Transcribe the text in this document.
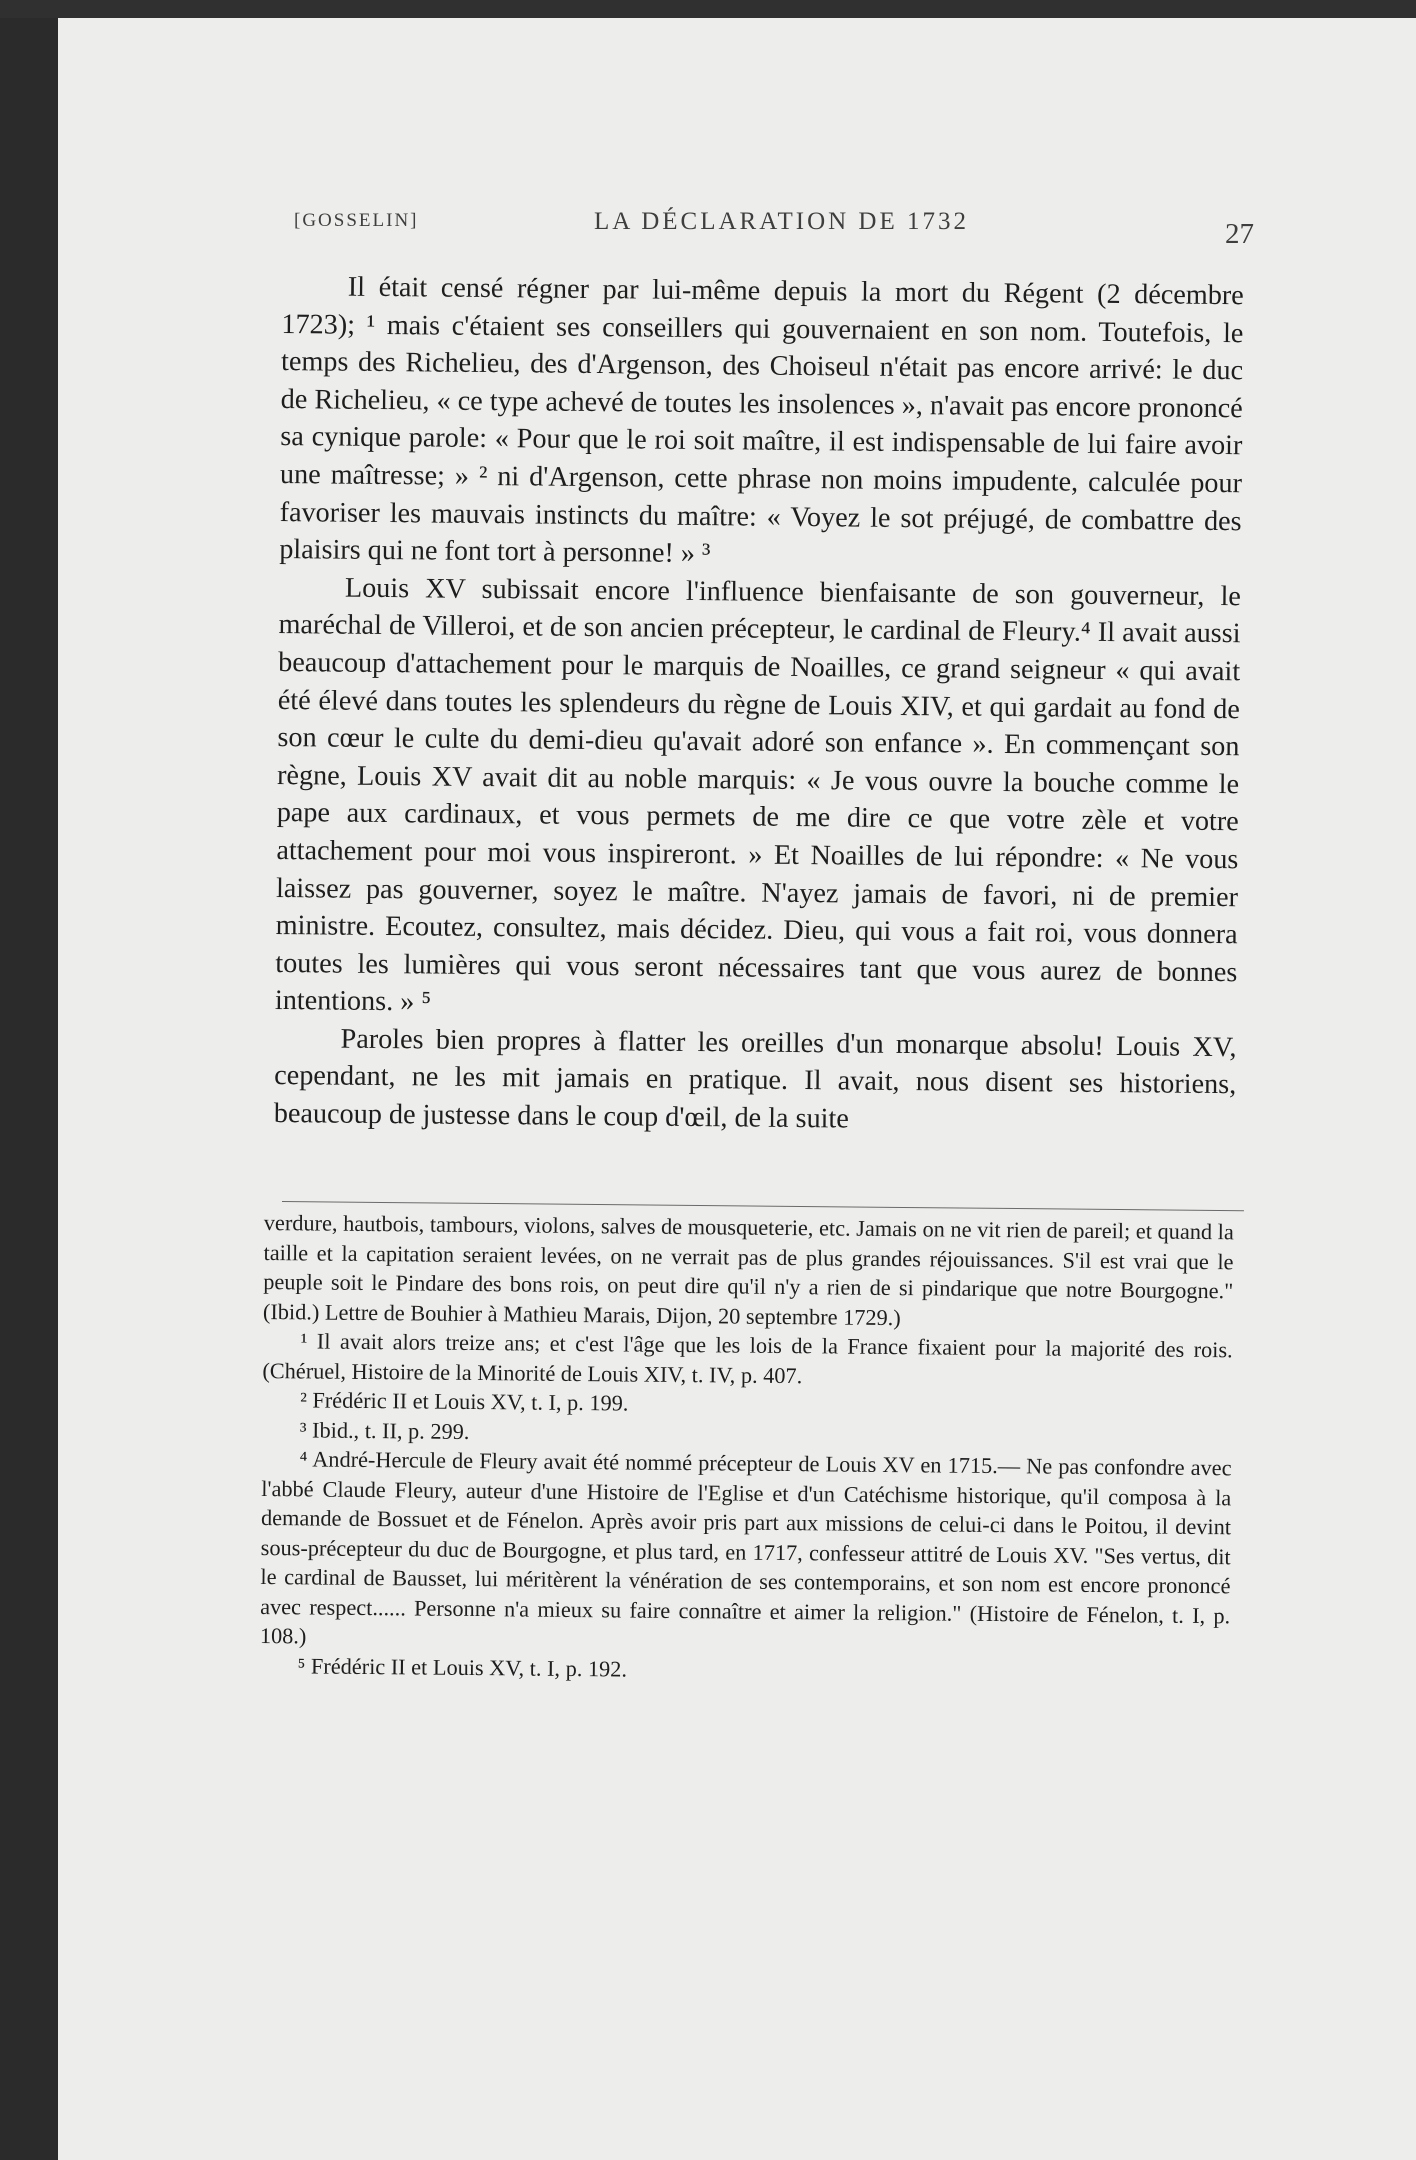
[GOSSELIN]	LA DÉCLARATION DE 1732	27

Il était censé régner par lui-même depuis la mort du Régent (2 décembre 1723); ¹ mais c'étaient ses conseillers qui gouvernaient en son nom. Toutefois, le temps des Richelieu, des d'Argenson, des Choiseul n'était pas encore arrivé: le duc de Richelieu, « ce type achevé de toutes les insolences », n'avait pas encore prononcé sa cynique parole: « Pour que le roi soit maître, il est indispensable de lui faire avoir une maîtresse; » ² ni d'Argenson, cette phrase non moins impudente, calculée pour favoriser les mauvais instincts du maître: « Voyez le sot préjugé, de combattre des plaisirs qui ne font tort à personne! » ³

Louis XV subissait encore l'influence bienfaisante de son gouverneur, le maréchal de Villeroi, et de son ancien précepteur, le cardinal de Fleury.⁴ Il avait aussi beaucoup d'attachement pour le marquis de Noailles, ce grand seigneur « qui avait été élevé dans toutes les splendeurs du règne de Louis XIV, et qui gardait au fond de son cœur le culte du demi-dieu qu'avait adoré son enfance ». En commençant son règne, Louis XV avait dit au noble marquis: « Je vous ouvre la bouche comme le pape aux cardinaux, et vous permets de me dire ce que votre zèle et votre attachement pour moi vous inspireront. » Et Noailles de lui répondre: « Ne vous laissez pas gouverner, soyez le maître. N'ayez jamais de favori, ni de premier ministre. Ecoutez, consultez, mais décidez. Dieu, qui vous a fait roi, vous donnera toutes les lumières qui vous seront nécessaires tant que vous aurez de bonnes intentions. » ⁵

Paroles bien propres à flatter les oreilles d'un monarque absolu! Louis XV, cependant, ne les mit jamais en pratique. Il avait, nous disent ses historiens, beaucoup de justesse dans le coup d'œil, de la suite

verdure, hautbois, tambours, violons, salves de mousqueterie, etc. Jamais on ne vit rien de pareil; et quand la taille et la capitation seraient levées, on ne verrait pas de plus grandes réjouissances. S'il est vrai que le peuple soit le Pindare des bons rois, on peut dire qu'il n'y a rien de si pindarique que notre Bourgogne." (Ibid.) Lettre de Bouhier à Mathieu Marais, Dijon, 20 septembre 1729.)

¹ Il avait alors treize ans; et c'est l'âge que les lois de la France fixaient pour la majorité des rois. (Chéruel, Histoire de la Minorité de Louis XIV, t. IV, p. 407.

² Frédéric II et Louis XV, t. I, p. 199.

³ Ibid., t. II, p. 299.

⁴ André-Hercule de Fleury avait été nommé précepteur de Louis XV en 1715.— Ne pas confondre avec l'abbé Claude Fleury, auteur d'une Histoire de l'Eglise et d'un Catéchisme historique, qu'il composa à la demande de Bossuet et de Fénelon. Après avoir pris part aux missions de celui-ci dans le Poitou, il devint sous-précepteur du duc de Bourgogne, et plus tard, en 1717, confesseur attitré de Louis XV. "Ses vertus, dit le cardinal de Bausset, lui méritèrent la vénération de ses contemporains, et son nom est encore prononcé avec respect...... Personne n'a mieux su faire connaître et aimer la religion." (Histoire de Fénelon, t. I, p. 108.)

⁵ Frédéric II et Louis XV, t. I, p. 192.
